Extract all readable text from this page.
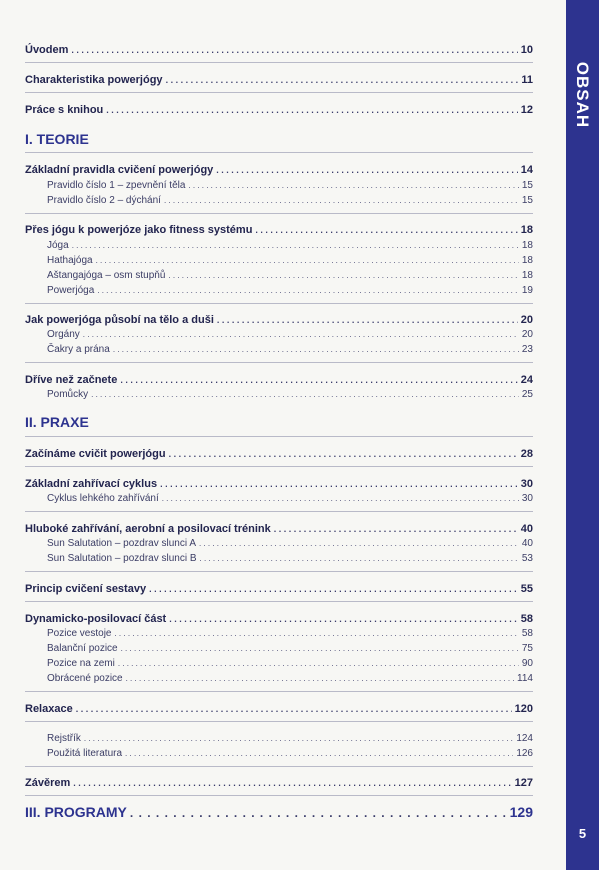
OBSAH
5
Úvodem . . .	10
Charakteristika powerjógy . . .	11
Práce s knihou . . .	12
I. TEORIE
Základní pravidla cvičení powerjógy . . .	14
Pravidlo číslo 1 – zpevnění těla . . .	15
Pravidlo číslo 2 – dýchání . . .	15
Přes jógu k powerjóze jako fitness systému . . .	18
Jóga . . .	18
Hathajóga . . .	18
Aštangajóga – osm stupňů . . .	18
Powerjóga . . .	19
Jak powerjóga působí na tělo a duši . . .	20
Orgány . . .	20
Čakry a prána . . .	23
Dříve než začnete . . .	24
Pomůcky . . .	25
II. PRAXE
Začínáme cvičit powerjógu . . .	28
Základní zahřívací cyklus . . .	30
Cyklus lehkého zahřívání . . .	30
Hluboké zahřívání, aerobní a posilovací trénink . . .	40
Sun Salutation – pozdrav slunci A . . .	40
Sun Salutation – pozdrav slunci B . . .	53
Princip cvičení sestavy . . .	55
Dynamicko-posilovací část . . .	58
Pozice vestoje . . .	58
Balanční pozice . . .	75
Pozice na zemi . . .	90
Obrácené pozice . . .	114
Relaxace . . .	120
Rejstřík . . .	124
Použitá literatura . . .	126
Závěrem . . .	127
III. PROGRAMY . . .	129
